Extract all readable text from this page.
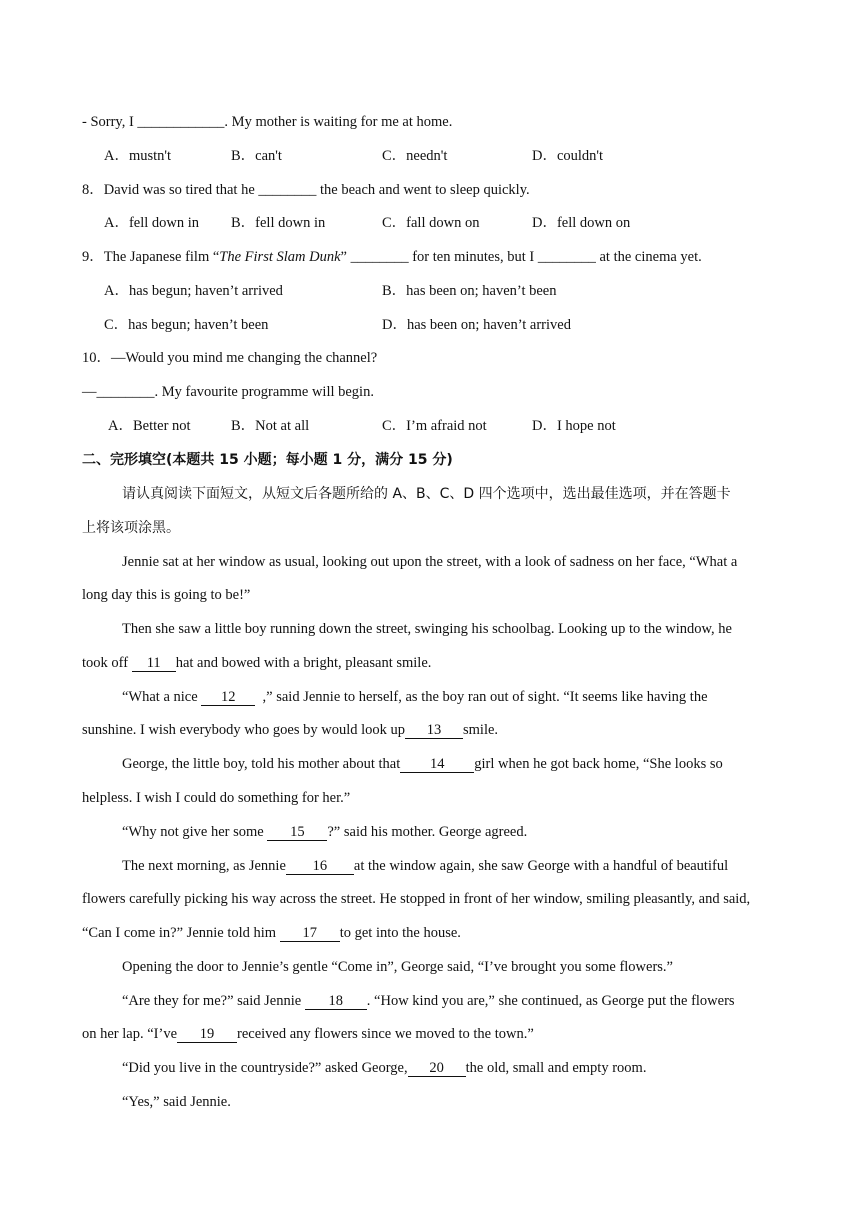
- Sorry, I ____________. My mother is waiting for me at home.
A．mustn't	B．can't	C．needn't	D．couldn't
8．David was so tired that he ________ the beach and went to sleep quickly.
A．fell down in B．fell down in	C．fall down on	D．fell down on
9．The Japanese film “The First Slam Dunk” ________ for ten minutes, but I ________ at the cinema yet.
A．has begun; haven’t arrived	B．has been on; haven’t been
C．has begun; haven’t been	D．has been on; haven’t arrived
10．—Would you mind me changing the channel?
—________. My favourite programme will begin.
A．Better not	B．Not at all	C．I’m afraid not	D．I hope not
二、完形填空(本题共 15 小题；每小题 1 分，满分 15 分)
请认真阅读下面短文，从短文后各题所给的 A、B、C、D 四个选项中，选出最佳选项，并在答题卡
上将该项涂黑。
Jennie sat at her window as usual, looking out upon the street, with a look of sadness on her face, “What a
long day this is going to be!”
Then she saw a little boy running down the street, swinging his schoolbag. Looking up to the window, he
took off 11 hat and bowed with a bright, pleasant smile.
“What a nice 12 ,” said Jennie to herself, as the boy ran out of sight. “It seems like having the
sunshine. I wish everybody who goes by would look up 13 smile.
George, the little boy, told his mother about that 14 girl when he got back home, “She looks so
helpless. I wish I could do something for her.”
“Why not give her some 15 ?” said his mother. George agreed.
The next morning, as Jennie 16 at the window again, she saw George with a handful of beautiful
flowers carefully picking his way across the street. He stopped in front of her window, smiling pleasantly, and said,
“Can I come in?” Jennie told him 17 to get into the house.
Opening the door to Jennie’s gentle “Come in”, George said, “I’ve brought you some flowers.”
“Are they for me?” said Jennie 18 . “How kind you are,” she continued, as George put the flowers
on her lap. “I’ve 19 received any flowers since we moved to the town.”
“Did you live in the countryside?” asked George, 20 the old, small and empty room.
“Yes,” said Jennie.
